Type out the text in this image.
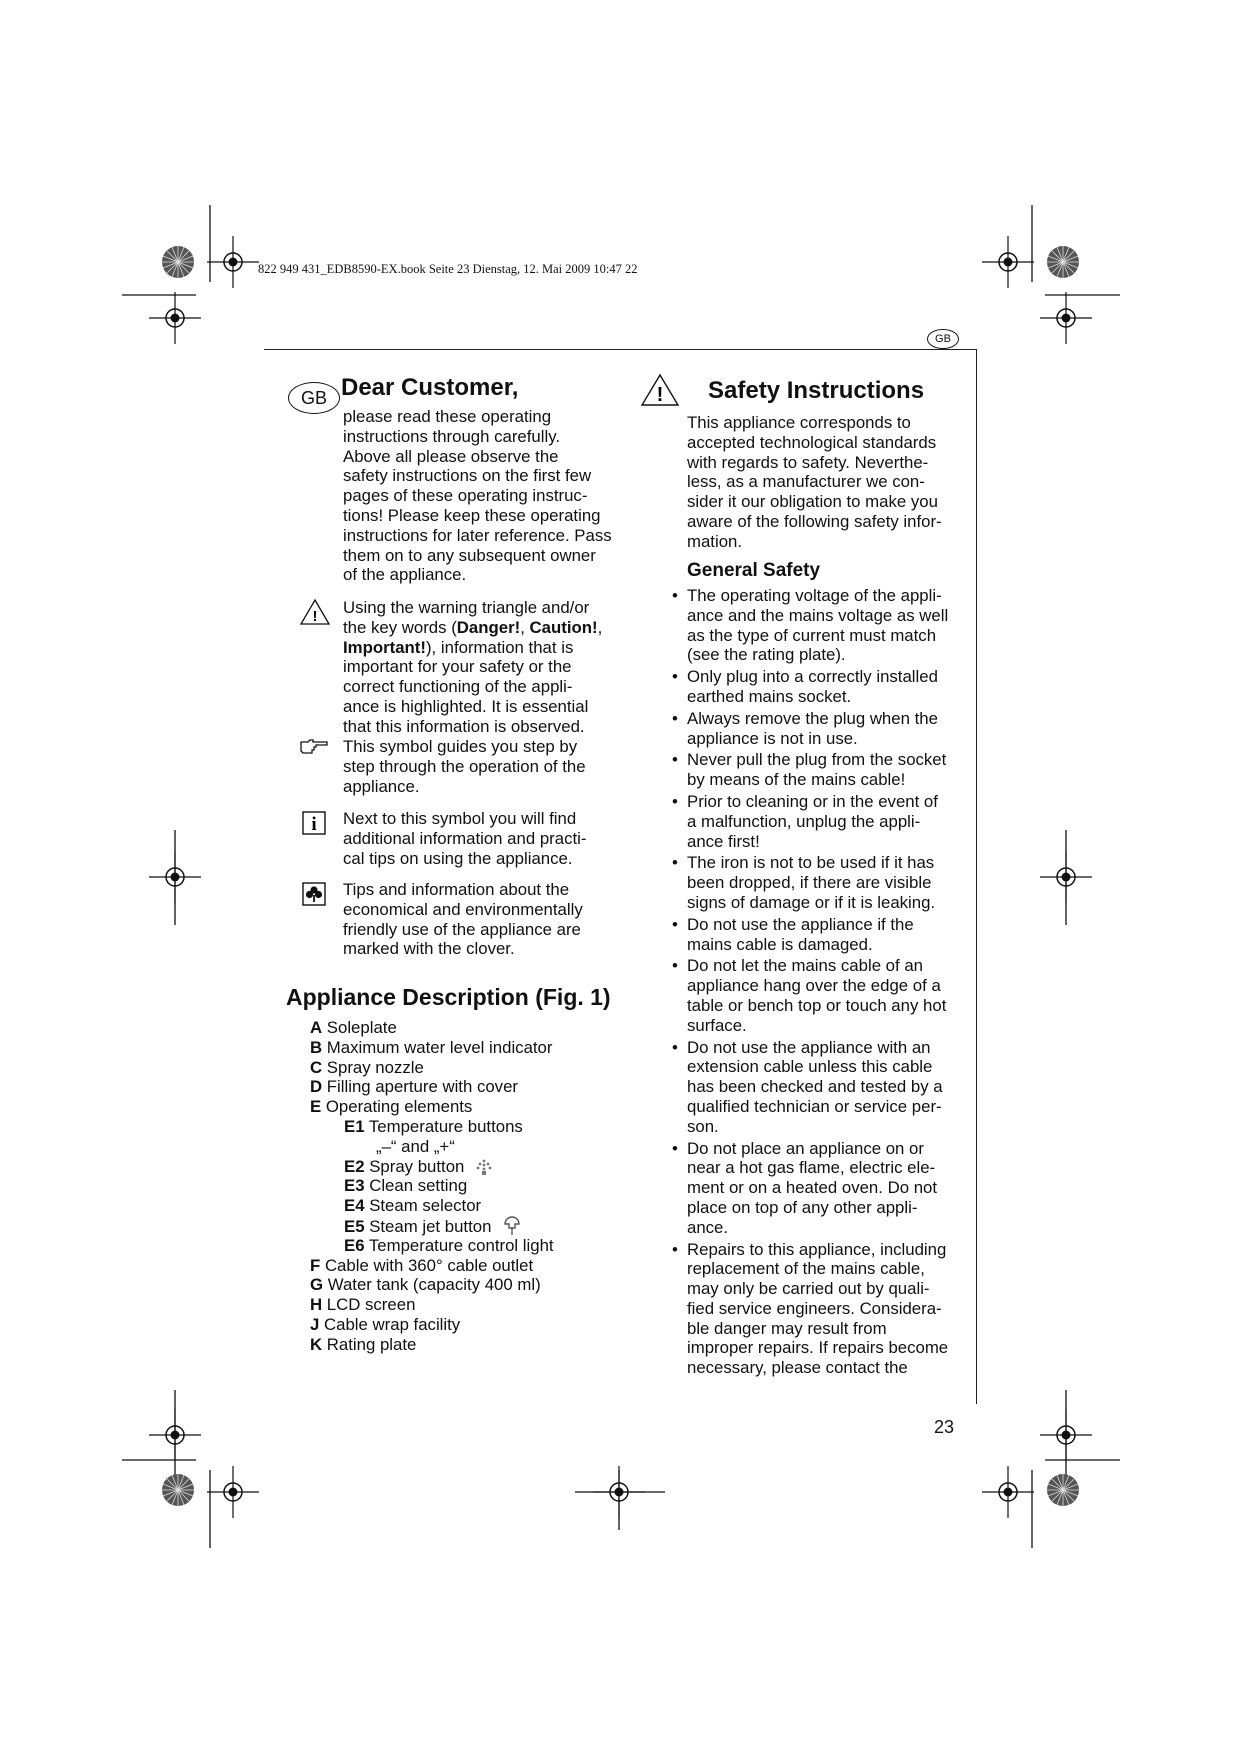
822 949 431_EDB8590-EX.book Seite 23 Dienstag, 12. Mai 2009 10:47 22
GB
GB Dear Customer,

please read these operating

instructions through carefully.

Above all please observe the

safety instructions on the first few

pages of these operating instruc-

tions! Please keep these operating

instructions for later reference. Pass

them on to any subsequent owner

of the appliance.

! Using the warning triangle and/or

the key words (Danger!, Caution!,

Important!), information that is

important for your safety or the

correct functioning of the appli-

ance is highlighted. It is essential

that this information is observed.

This symbol guides you step by

step through the operation of the

appliance.

i Next to this symbol you will find

additional information and practi-

cal tips on using the appliance.

Tips and information about the

economical and environmentally

friendly use of the appliance are

marked with the clover.

Appliance Description (Fig. 1)
A Soleplate
B Maximum water level indicator
C Spray nozzle
D Filling aperture with cover
E Operating elements
E1 Temperature buttons
„–“ and „+“
E2 Spray button
E3 Clean setting
E4 Steam selector
E5 Steam jet button
E6 Temperature control light
F Cable with 360° cable outlet
G Water tank (capacity 400 ml)
H LCD screen
J Cable wrap facility
K Rating plate
! Safety Instructions

This appliance corresponds to

accepted technological standards

with regards to safety. Neverthe-

less, as a manufacturer we con-

sider it our obligation to make you

aware of the following safety infor-

mation.

General Safety
• The operating voltage of the appli-
ance and the mains voltage as well
as the type of current must match
(see the rating plate).
• Only plug into a correctly installed
earthed mains socket.
• Always remove the plug when the
appliance is not in use.
• Never pull the plug from the socket
by means of the mains cable!
• Prior to cleaning or in the event of
a malfunction, unplug the appli-
ance first!
• The iron is not to be used if it has
been dropped, if there are visible
signs of damage or if it is leaking.
• Do not use the appliance if the
mains cable is damaged.
• Do not let the mains cable of an
appliance hang over the edge of a
table or bench top or touch any hot
surface.
• Do not use the appliance with an
extension cable unless this cable
has been checked and tested by a
qualified technician or service per-
son.
• Do not place an appliance on or
near a hot gas flame, electric ele-
ment or on a heated oven. Do not
place on top of any other appli-
ance.
• Repairs to this appliance, including
replacement of the mains cable,
may only be carried out by quali-
fied service engineers. Considera-
ble danger may result from
improper repairs. If repairs become
necessary, please contact the
23
